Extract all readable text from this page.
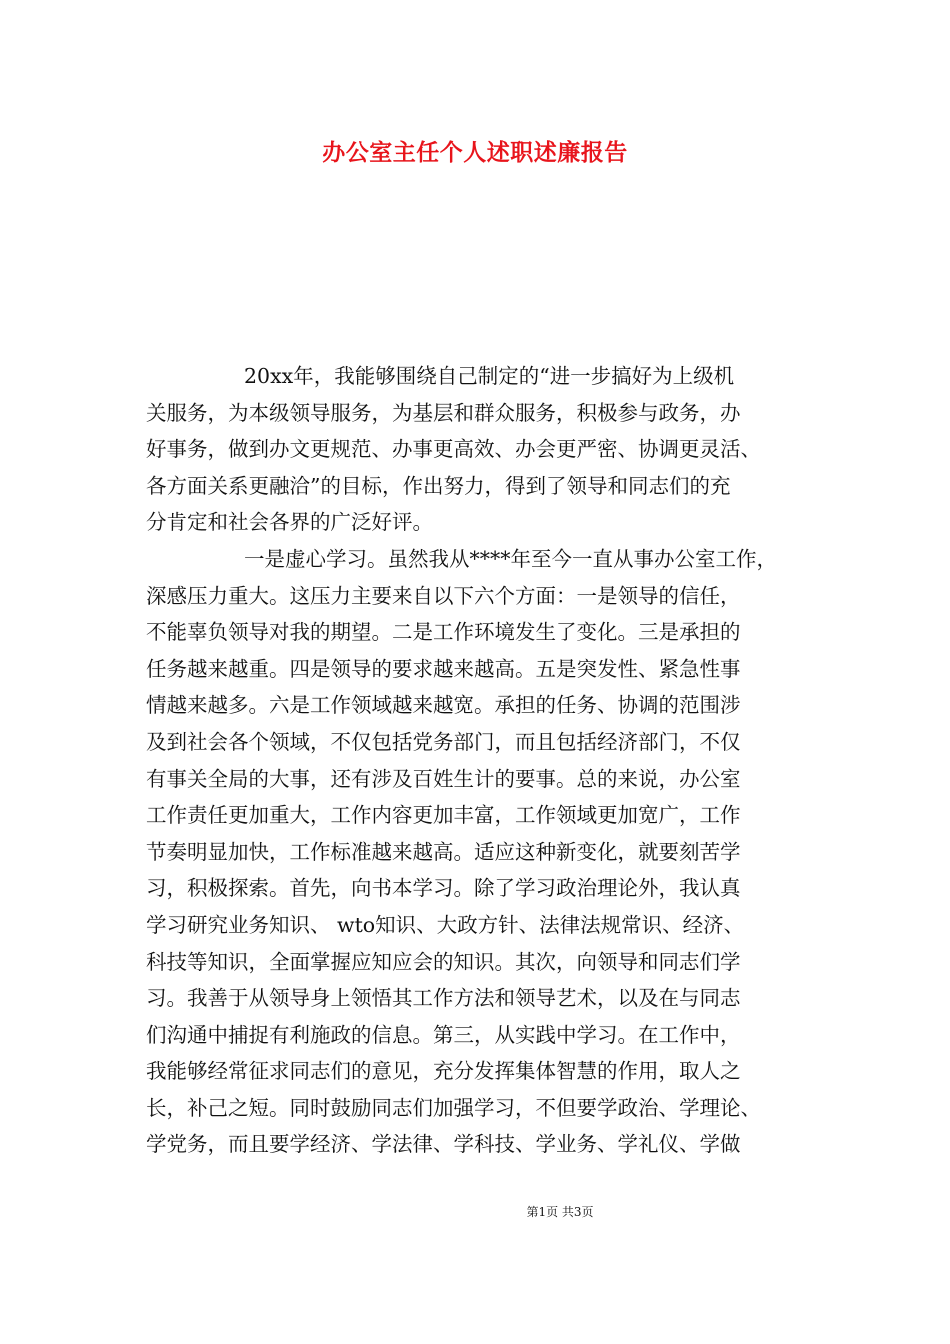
办公室主任个人述职述廉报告

20xx年，我能够围绕自己制定的“进一步搞好为上级机
关服务，为本级领导服务，为基层和群众服务，积极参与政务，办
好事务，做到办文更规范、办事更高效、办会更严密、协调更灵活、
各方面关系更融洽”的目标，作出努力，得到了领导和同志们的充
分肯定和社会各界的广泛好评。

一是虚心学习。虽然我从****年至今一直从事办公室工作，
深感压力重大。这压力主要来自以下六个方面：一是领导的信任，
不能辜负领导对我的期望。二是工作环境发生了变化。三是承担的
任务越来越重。四是领导的要求越来越高。五是突发性、紧急性事
情越来越多。六是工作领域越来越宽。承担的任务、协调的范围涉
及到社会各个领域，不仅包括党务部门，而且包括经济部门，不仅
有事关全局的大事，还有涉及百姓生计的要事。总的来说，办公室
工作责任更加重大，工作内容更加丰富，工作领域更加宽广，工作
节奏明显加快，工作标准越来越高。适应这种新变化，就要刻苦学
习，积极探索。首先，向书本学习。除了学习政治理论外，我认真
学习研究业务知识、 wto知识、大政方针、法律法规常识、经济、
科技等知识，全面掌握应知应会的知识。其次，向领导和同志们学
习。我善于从领导身上领悟其工作方法和领导艺术，以及在与同志
们沟通中捕捉有利施政的信息。第三，从实践中学习。在工作中，
我能够经常征求同志们的意见，充分发挥集体智慧的作用，取人之
长，补己之短。同时鼓励同志们加强学习，不但要学政治、学理论、
学党务，而且要学经济、学法律、学科技、学业务、学礼仪、学做

第1页 共3页
